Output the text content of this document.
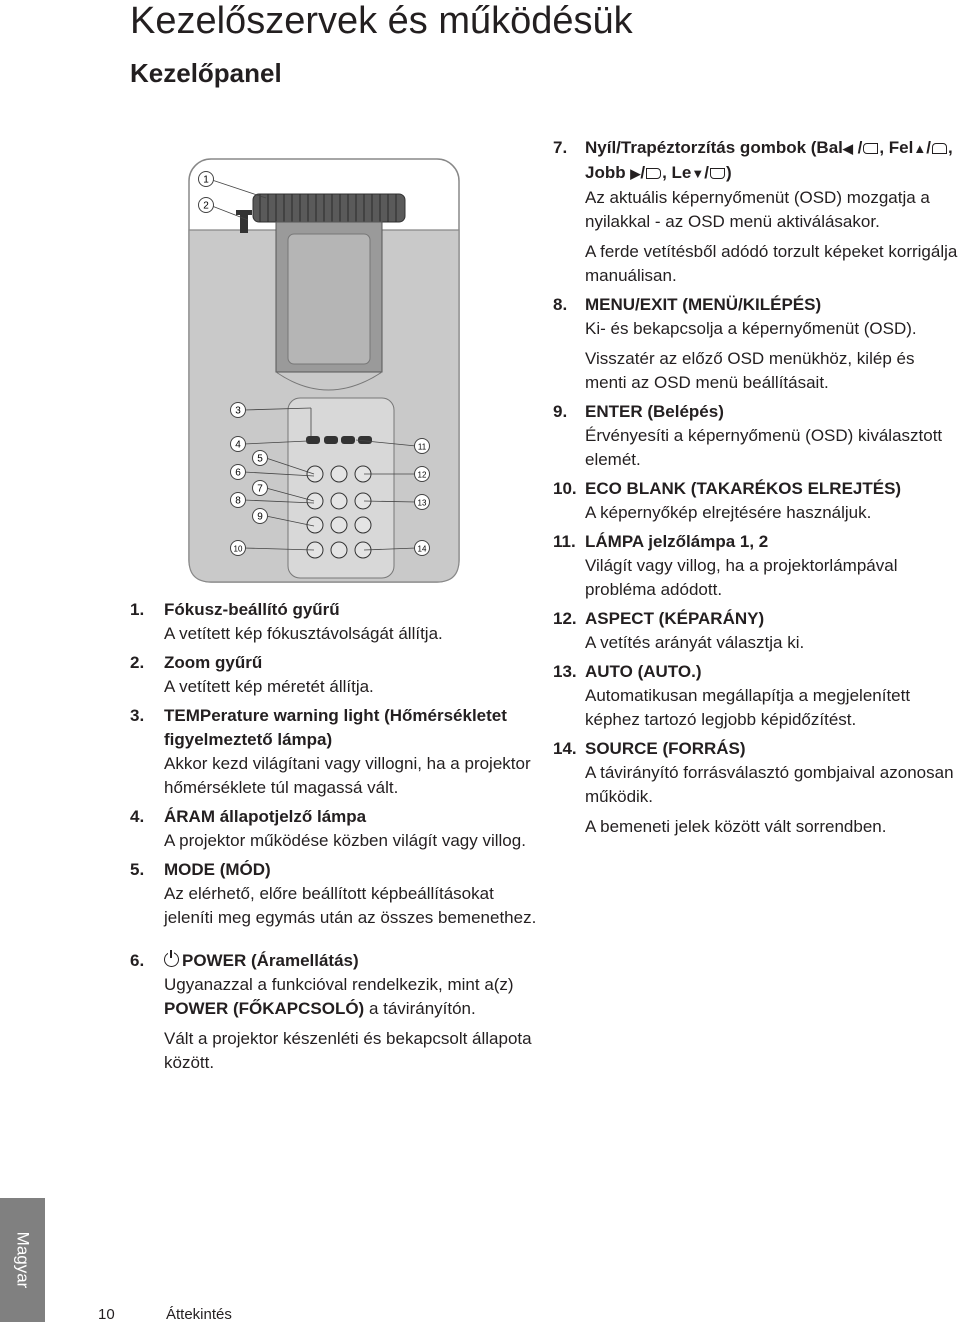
Kezelőszervek és működésük
Kezelőpanel
1
2
3
4
5
6
7
8
9
10
11
12
13
14
1. Fókusz-beállító gyűrű
A vetített kép fókusztávolságát állítja.
2. Zoom gyűrű
A vetített kép méretét állítja.
3. TEMPerature warning light (Hőmérsékletet figyelmeztető lámpa)
Akkor kezd világítani vagy villogni, ha a projektor hőmérséklete túl magassá vált.
4. ÁRAM állapotjelző lámpa
A projektor működése közben világít vagy villog.
5. MODE (MÓD)
Az elérhető, előre beállított képbeállításokat jeleníti meg egymás után az összes bemenethez.
6.	POWER (Áramellátás)
Ugyanazzal a funkcióval rendelkezik, mint a(z) POWER (FŐKAPCSOLÓ) a távirányítón.
Vált a projektor készenléti és bekapcsolt állapota között.
7. Nyíl/Trapéztorzítás gombok (Bal◀ / , Fel▲/ , Jobb ▶/ , Le▼/ )
Az aktuális képernyőmenüt (OSD) mozgatja a nyilakkal - az OSD menü aktiválásakor.
A ferde vetítésből adódó torzult képeket korrigálja manuálisan.
8. MENU/EXIT (MENÜ/KILÉPÉS)
Ki- és bekapcsolja a képernyőmenüt (OSD).
Visszatér az előző OSD menükhöz, kilép és menti az OSD menü beállításait.
9. ENTER (Belépés)
Érvényesíti a képernyőmenü (OSD) kiválasztott elemét.
10. ECO BLANK (TAKARÉKOS ELREJTÉS)
A képernyőkép elrejtésére használjuk.
11. LÁMPA jelzőlámpa 1, 2
Világít vagy villog, ha a projektorlámpával probléma adódott.
12. ASPECT (KÉPARÁNY)
A vetítés arányát választja ki.
13. AUTO (AUTO.)
Automatikusan megállapítja a megjelenített képhez tartozó legjobb képidőzítést.
14. SOURCE (FORRÁS)
A távirányító forrásválasztó gombjaival azonosan működik.
A bemeneti jelek között vált sorrendben.
Magyar
10	Áttekintés
